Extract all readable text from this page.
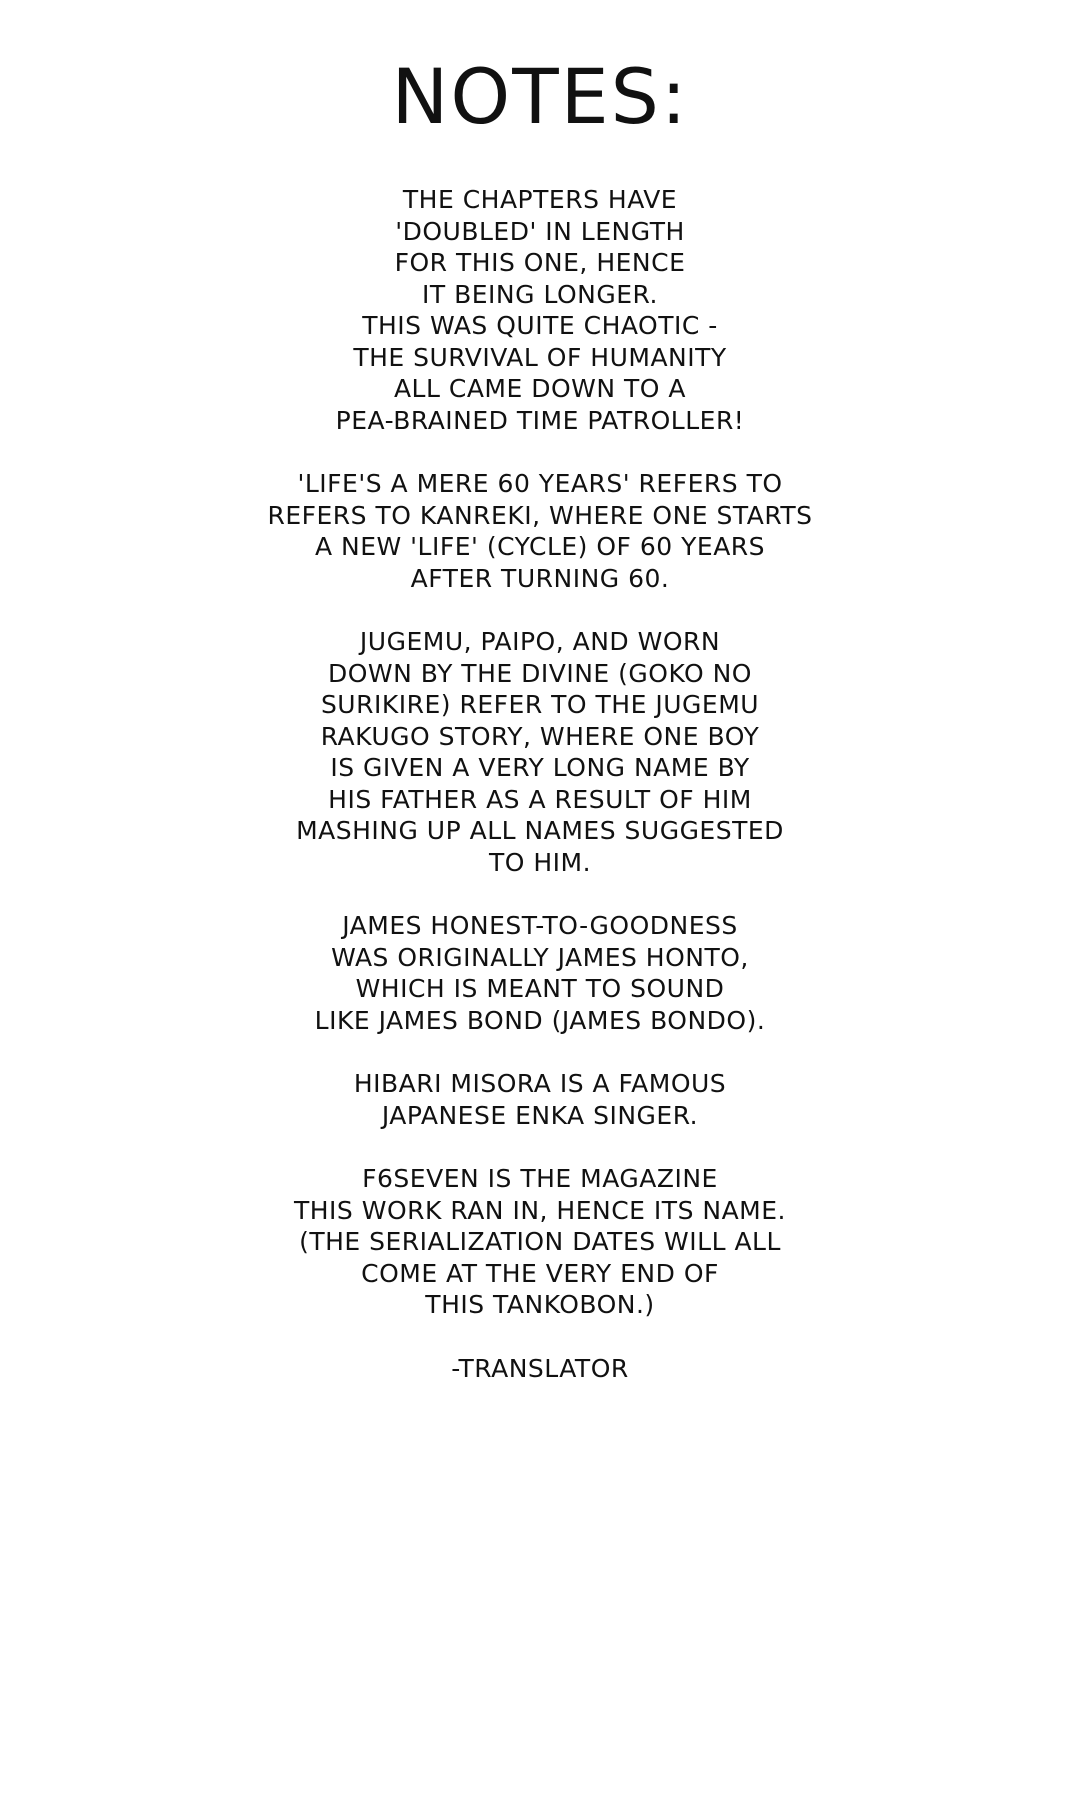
NOTES:
THE CHAPTERS HAVE
'DOUBLED' IN LENGTH
FOR THIS ONE, HENCE
IT BEING LONGER.
THIS WAS QUITE CHAOTIC -
THE SURVIVAL OF HUMANITY
ALL CAME DOWN TO A
PEA-BRAINED TIME PATROLLER!
'LIFE'S A MERE 60 YEARS' REFERS TO
REFERS TO KANREKI, WHERE ONE STARTS
A NEW 'LIFE' (CYCLE) OF 60 YEARS
AFTER TURNING 60.
JUGEMU, PAIPO, AND WORN
DOWN BY THE DIVINE (GOKO NO
SURIKIRE) REFER TO THE JUGEMU
RAKUGO STORY, WHERE ONE BOY
IS GIVEN A VERY LONG NAME BY
HIS FATHER AS A RESULT OF HIM
MASHING UP ALL NAMES SUGGESTED
TO HIM.
JAMES HONEST-TO-GOODNESS
WAS ORIGINALLY JAMES HONTO,
WHICH IS MEANT TO SOUND
LIKE JAMES BOND (JAMES BONDO).
HIBARI MISORA IS A FAMOUS
JAPANESE ENKA SINGER.
F6SEVEN IS THE MAGAZINE
THIS WORK RAN IN, HENCE ITS NAME.
(THE SERIALIZATION DATES WILL ALL
COME AT THE VERY END OF
THIS TANKOBON.)
-TRANSLATOR
